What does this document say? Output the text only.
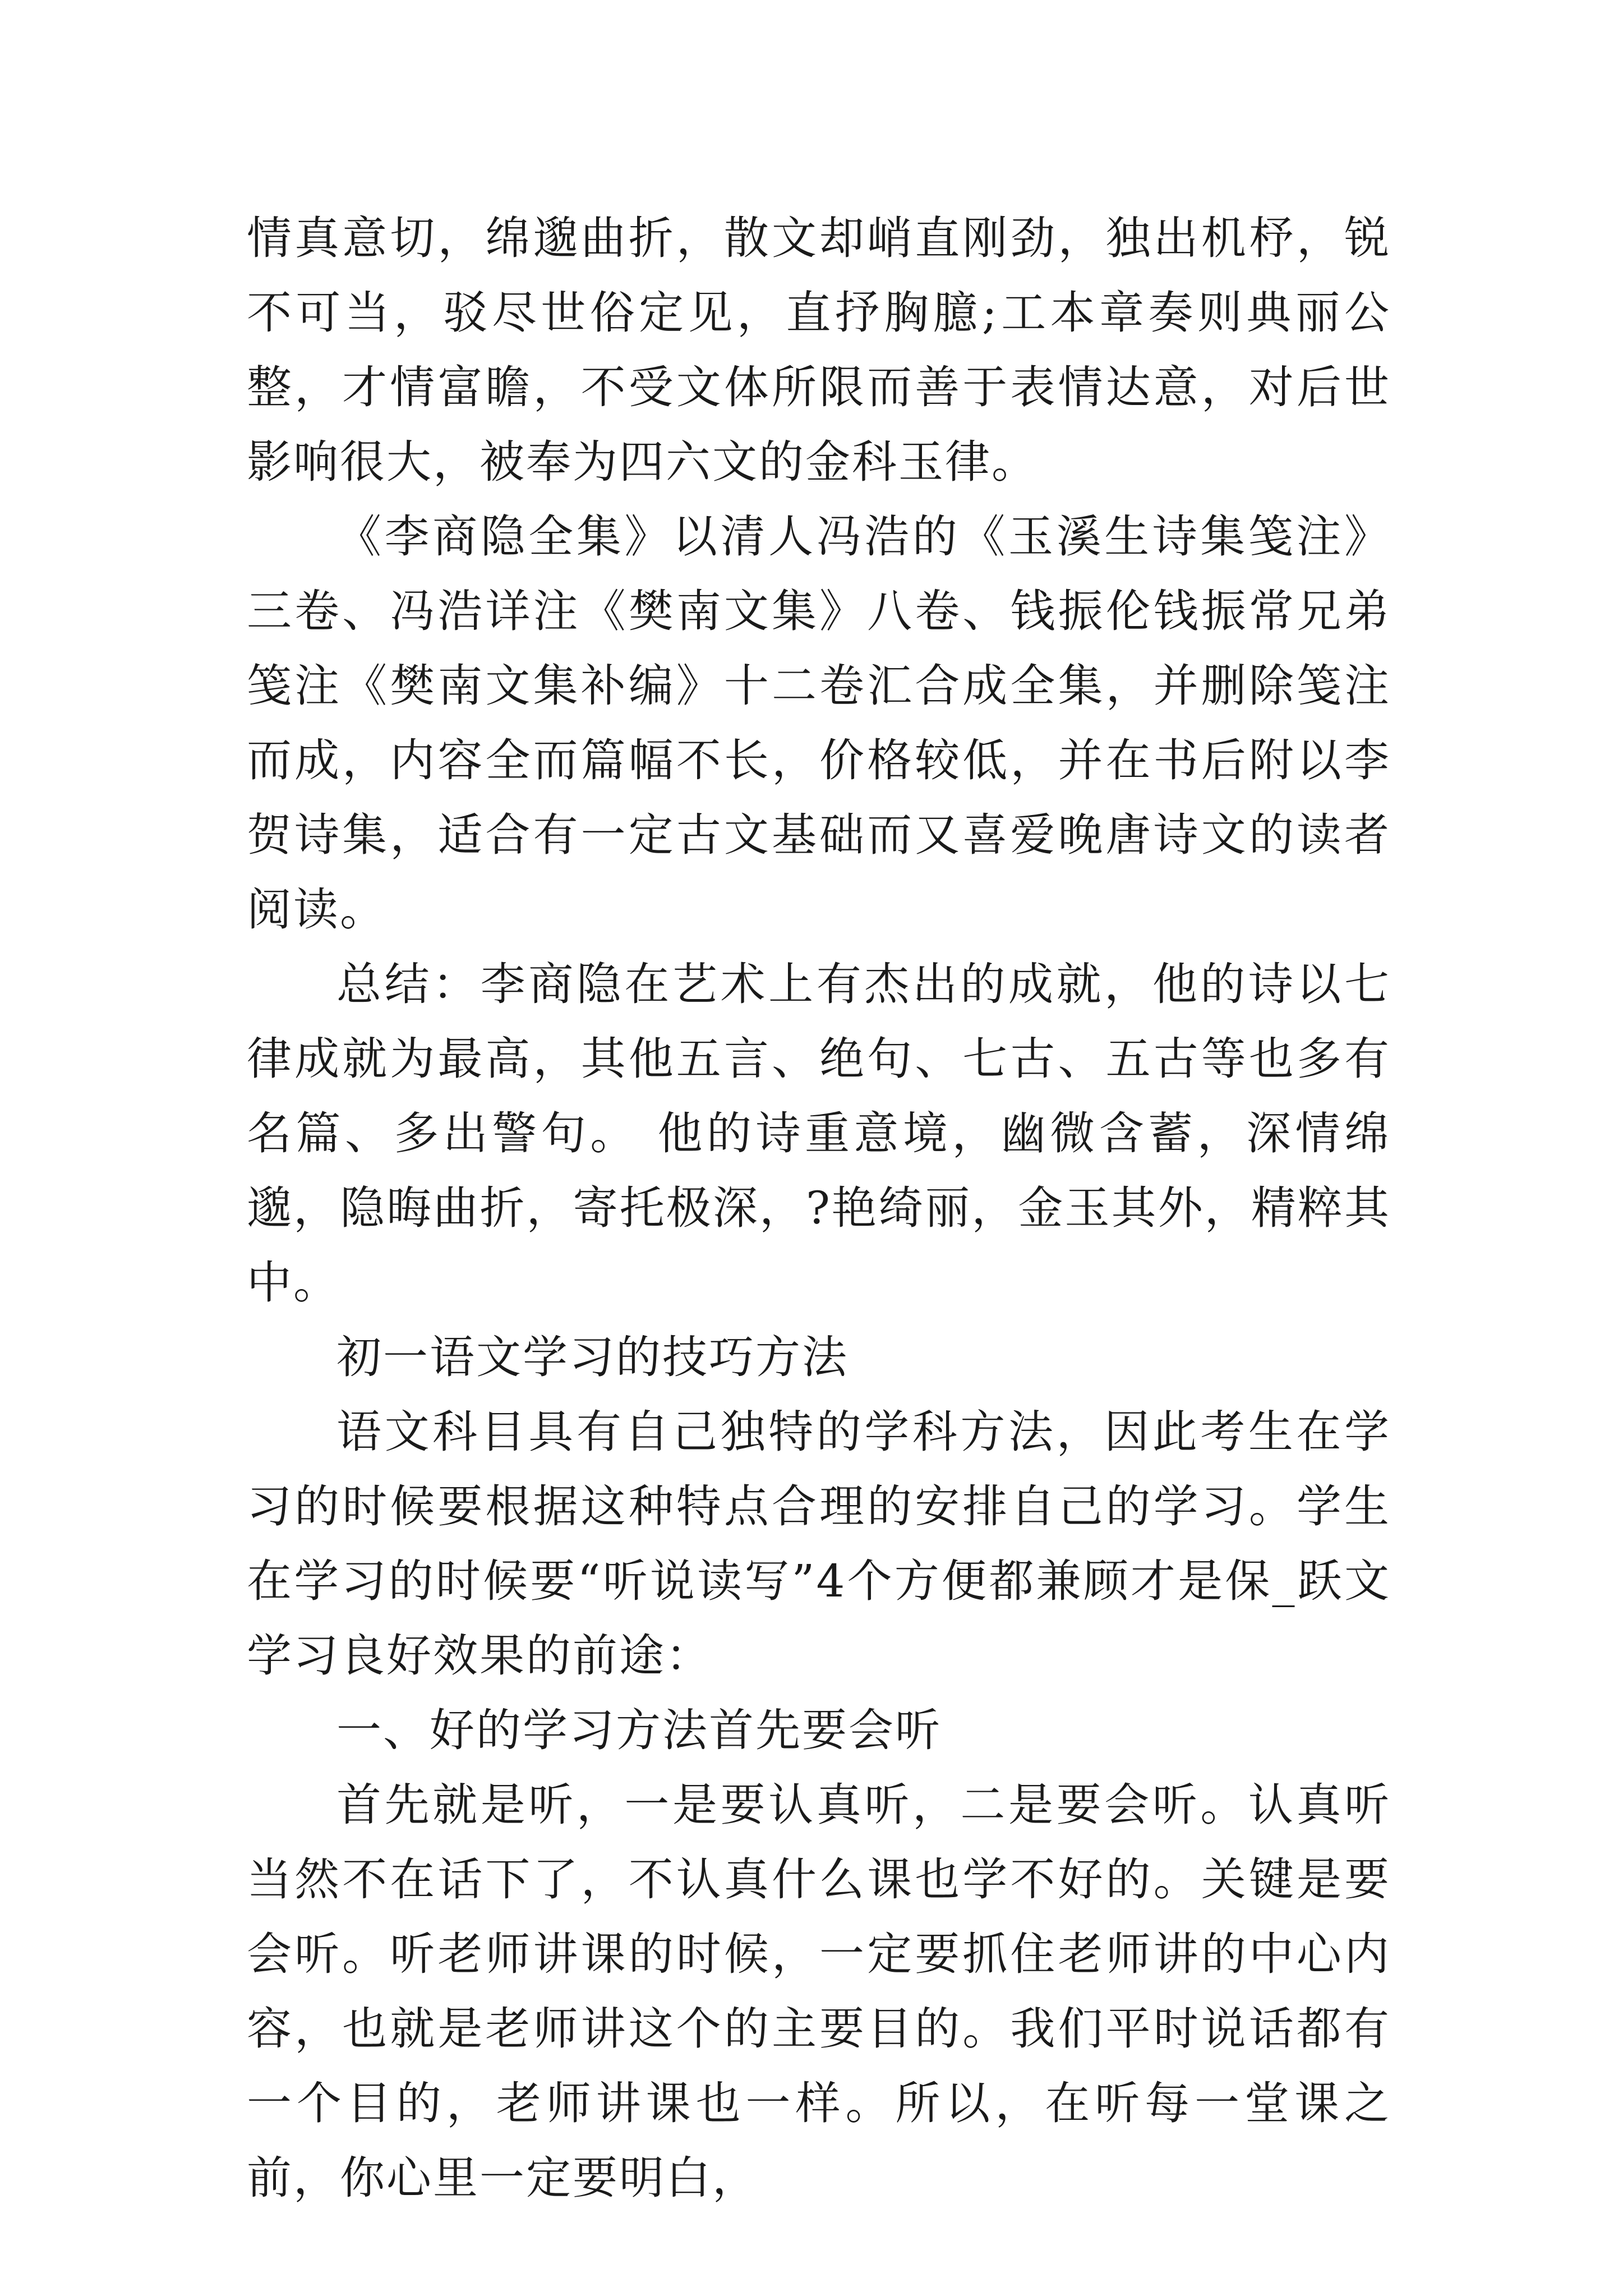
情真意切，绵邈曲折，散文却峭直刚劲，独出机杼，锐不可当，驳尽世俗定见，直抒胸臆;工本章奏则典丽公整，才情富瞻，不受文体所限而善于表情达意，对后世影响很大，被奉为四六文的金科玉律。

《李商隐全集》以清人冯浩的《玉溪生诗集笺注》三卷、冯浩详注《樊南文集》八卷、钱振伦钱振常兄弟笺注《樊南文集补编》十二卷汇合成全集，并删除笺注而成，内容全而篇幅不长，价格较低，并在书后附以李贺诗集，适合有一定古文基础而又喜爱晚唐诗文的读者阅读。

总结：李商隐在艺术上有杰出的成就，他的诗以七律成就为最高，其他五言、绝句、七古、五古等也多有名篇、多出警句。 他的诗重意境，幽微含蓄，深情绵邈，隐晦曲折，寄托极深，?艳绮丽，金玉其外，精粹其中。

初一语文学习的技巧方法

语文科目具有自己独特的学科方法，因此考生在学习的时候要根据这种特点合理的安排自己的学习。学生在学习的时候要“听说读写”4个方便都兼顾才是保_跃文学习良好效果的前途：

一、好的学习方法首先要会听

首先就是听，一是要认真听，二是要会听。认真听当然不在话下了，不认真什么课也学不好的。关键是要会听。听老师讲课的时候，一定要抓住老师讲的中心内容，也就是老师讲这个的主要目的。我们平时说话都有一个目的，老师讲课也一样。所以，在听每一堂课之前，你心里一定要明白，
